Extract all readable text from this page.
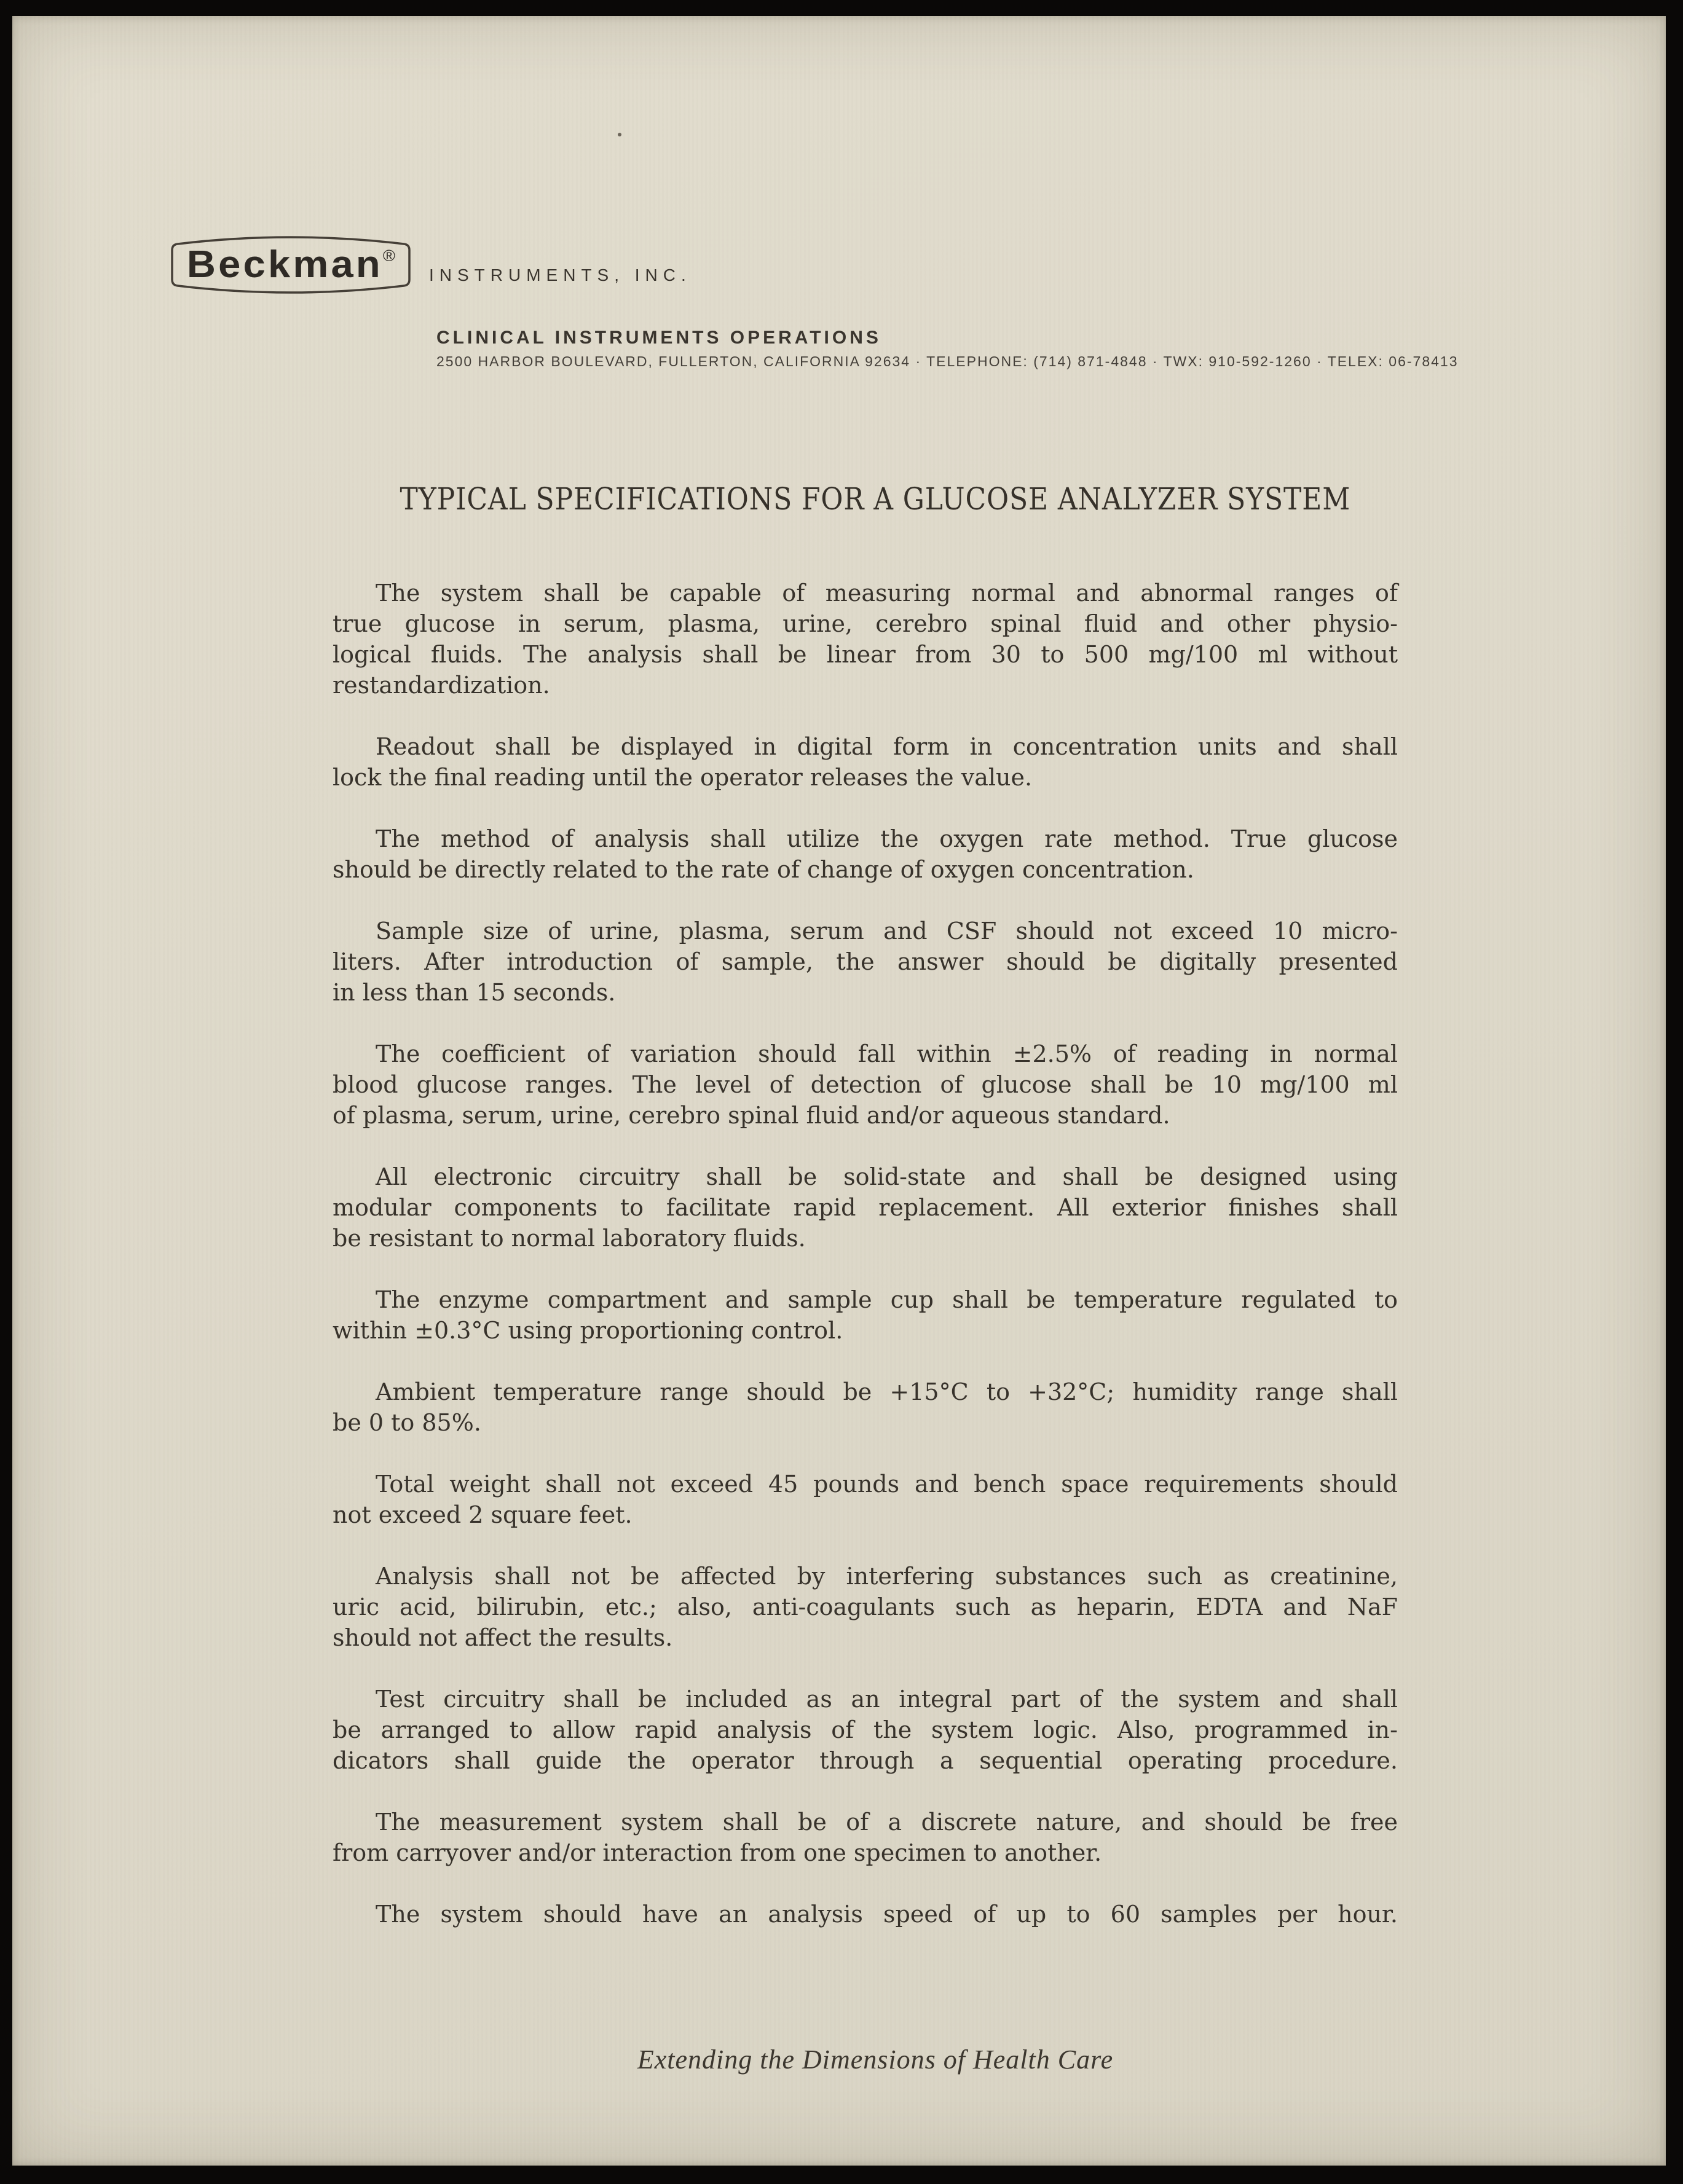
Beckman®
INSTRUMENTS, INC.
CLINICAL INSTRUMENTS OPERATIONS
2500 HARBOR BOULEVARD, FULLERTON, CALIFORNIA 92634 · TELEPHONE: (714) 871-4848 · TWX: 910-592-1260 · TELEX: 06-78413
TYPICAL SPECIFICATIONS FOR A GLUCOSE ANALYZER SYSTEM
The system shall be capable of measuring normal and abnormal ranges of
true glucose in serum, plasma, urine, cerebro spinal fluid and other physio-
logical fluids. The analysis shall be linear from 30 to 500 mg/100 ml without
restandardization.
Readout shall be displayed in digital form in concentration units and shall
lock the final reading until the operator releases the value.
The method of analysis shall utilize the oxygen rate method. True glucose
should be directly related to the rate of change of oxygen concentration.
Sample size of urine, plasma, serum and CSF should not exceed 10 micro-
liters. After introduction of sample, the answer should be digitally presented
in less than 15 seconds.
The coefficient of variation should fall within ±2.5% of reading in normal
blood glucose ranges. The level of detection of glucose shall be 10 mg/100 ml
of plasma, serum, urine, cerebro spinal fluid and/or aqueous standard.
All electronic circuitry shall be solid-state and shall be designed using
modular components to facilitate rapid replacement. All exterior finishes shall
be resistant to normal laboratory fluids.
The enzyme compartment and sample cup shall be temperature regulated to
within ±0.3°C using proportioning control.
Ambient temperature range should be +15°C to +32°C; humidity range shall
be 0 to 85%.
Total weight shall not exceed 45 pounds and bench space requirements should
not exceed 2 square feet.
Analysis shall not be affected by interfering substances such as creatinine,
uric acid, bilirubin, etc.; also, anti-coagulants such as heparin, EDTA and NaF
should not affect the results.
Test circuitry shall be included as an integral part of the system and shall
be arranged to allow rapid analysis of the system logic. Also, programmed in-
dicators shall guide the operator through a sequential operating procedure.
The measurement system shall be of a discrete nature, and should be free
from carryover and/or interaction from one specimen to another.
The system should have an analysis speed of up to 60 samples per hour.
Extending the Dimensions of Health Care
